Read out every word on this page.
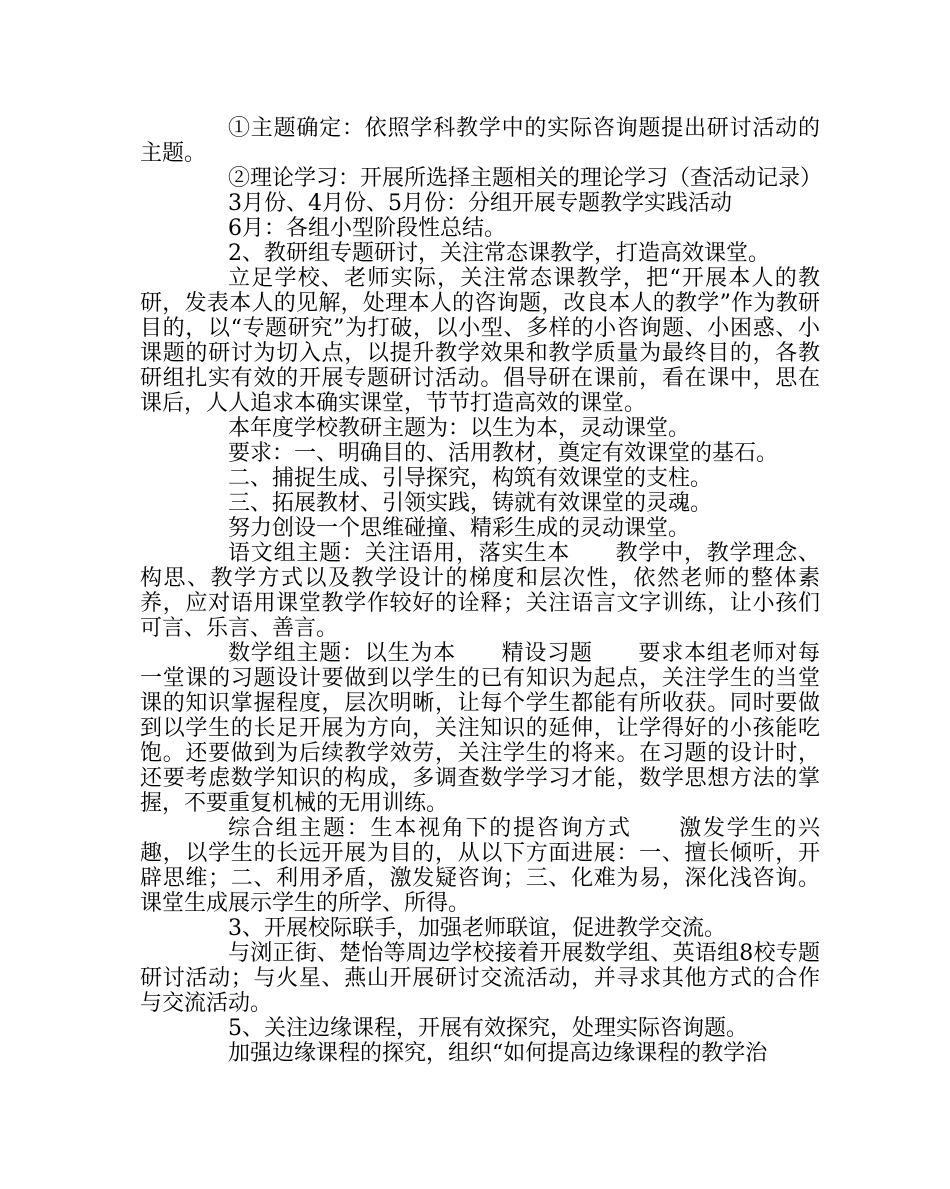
①主题确定：依照学科教学中的实际咨询题提出研讨活动的主题。

②理论学习：开展所选择主题相关的理论学习（查活动记录）

3月份、4月份、5月份：分组开展专题教学实践活动

6月：各组小型阶段性总结。

2、教研组专题研讨，关注常态课教学，打造高效课堂。

立足学校、老师实际，关注常态课教学，把“开展本人的教研，发表本人的见解，处理本人的咨询题，改良本人的教学”作为教研目的，以“专题研究”为打破，以小型、多样的小咨询题、小困惑、小课题的研讨为切入点，以提升教学效果和教学质量为最终目的，各教研组扎实有效的开展专题研讨活动。倡导研在课前，看在课中，思在课后，人人追求本确实课堂，节节打造高效的课堂。

本年度学校教研主题为：以生为本，灵动课堂。

要求：一、明确目的、活用教材，奠定有效课堂的基石。

二、捕捉生成、引导探究，构筑有效课堂的支柱。

三、拓展教材、引领实践，铸就有效课堂的灵魂。

努力创设一个思维碰撞、精彩生成的灵动课堂。

语文组主题：关注语用，落实生本　　教学中，教学理念、构思、教学方式以及教学设计的梯度和层次性，依然老师的整体素养，应对语用课堂教学作较好的诠释；关注语言文字训练，让小孩们可言、乐言、善言。

数学组主题：以生为本　　精设习题　　要求本组老师对每一堂课的习题设计要做到以学生的已有知识为起点，关注学生的当堂课的知识掌握程度，层次明晰，让每个学生都能有所收获。同时要做到以学生的长足开展为方向，关注知识的延伸，让学得好的小孩能吃饱。还要做到为后续教学效劳，关注学生的将来。在习题的设计时，还要考虑数学知识的构成，多调查数学学习才能，数学思想方法的掌握，不要重复机械的无用训练。

综合组主题：生本视角下的提咨询方式　　激发学生的兴趣，以学生的长远开展为目的，从以下方面进展：一、擅长倾听，开辟思维；二、利用矛盾，激发疑咨询；三、化难为易，深化浅咨询。课堂生成展示学生的所学、所得。

3、开展校际联手，加强老师联谊，促进教学交流。

与浏正街、楚怡等周边学校接着开展数学组、英语组8校专题研讨活动；与火星、燕山开展研讨交流活动，并寻求其他方式的合作与交流活动。

5、关注边缘课程，开展有效探究，处理实际咨询题。

加强边缘课程的探究，组织“如何提高边缘课程的教学治
